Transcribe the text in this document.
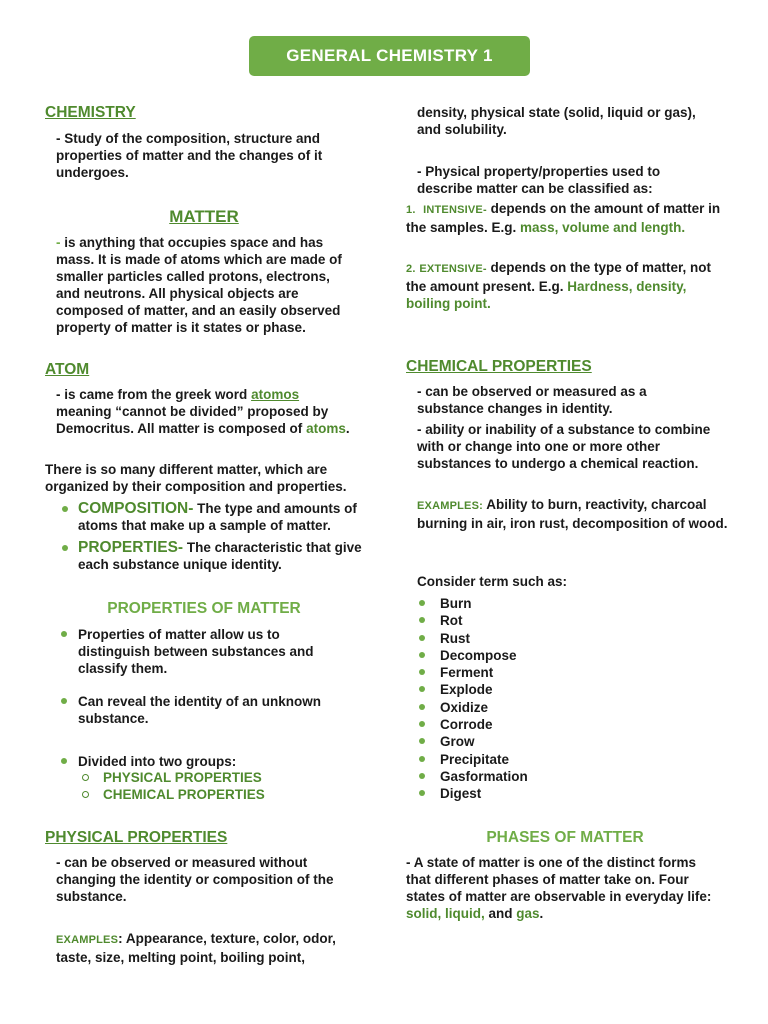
GENERAL CHEMISTRY 1
CHEMISTRY
- Study of the composition, structure and properties of matter and the changes of it undergoes.
MATTER
- is anything that occupies space and has mass. It is made of atoms which are made of smaller particles called protons, electrons, and neutrons. All physical objects are composed of matter, and an easily observed property of matter is it states or phase.
ATOM
- is came from the greek word atomos meaning “cannot be divided” proposed by Democritus. All matter is composed of atoms.
There is so many different matter, which are organized by their composition and properties.
COMPOSITION- The type and amounts of atoms that make up a sample of matter.
PROPERTIES- The characteristic that give each substance unique identity.
PROPERTIES OF MATTER
Properties of matter allow us to distinguish between substances and classify them.
Can reveal the identity of an unknown substance.
Divided into two groups:
PHYSICAL PROPERTIES
CHEMICAL PROPERTIES
PHYSICAL PROPERTIES
- can be observed or measured without changing the identity or composition of the substance.
EXAMPLES: Appearance, texture, color, odor, taste, size, melting point, boiling point,
density, physical state (solid, liquid or gas), and solubility.
- Physical property/properties used to describe matter can be classified as:
1. INTENSIVE- depends on the amount of matter in the samples. E.g. mass, volume and length.
2. EXTENSIVE- depends on the type of matter, not the amount present. E.g. Hardness, density, boiling point.
CHEMICAL PROPERTIES
- can be observed or measured as a substance changes in identity.
- ability or inability of a substance to combine with or change into one or more other substances to undergo a chemical reaction.
EXAMPLES: Ability to burn, reactivity, charcoal burning in air, iron rust, decomposition of wood.
Consider term such as:
Burn
Rot
Rust
Decompose
Ferment
Explode
Oxidize
Corrode
Grow
Precipitate
Gasformation
Digest
PHASES OF MATTER
- A state of matter is one of the distinct forms that different phases of matter take on. Four states of matter are observable in everyday life: solid, liquid, and gas.
